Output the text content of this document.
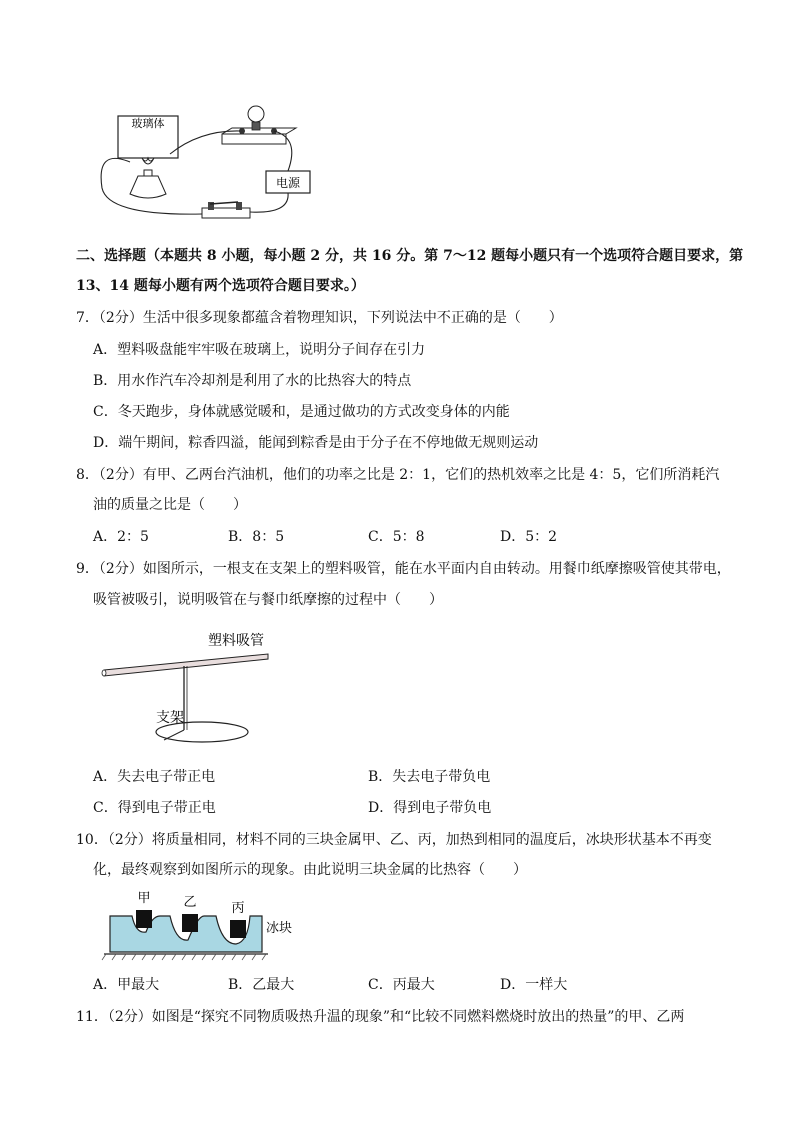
玻璃体
电源
二、选择题（本题共 8 小题，每小题 2 分，共 16 分。第 7～12 题每小题只有一个选项符合题目要求，第
13、14 题每小题有两个选项符合题目要求。）
7．（2分）生活中很多现象都蕴含着物理知识，下列说法中不正确的是（　　）
A．塑料吸盘能牢牢吸在玻璃上，说明分子间存在引力
B．用水作汽车冷却剂是利用了水的比热容大的特点
C．冬天跑步，身体就感觉暖和，是通过做功的方式改变身体的内能
D．端午期间，粽香四溢，能闻到粽香是由于分子在不停地做无规则运动
8．（2分）有甲、乙两台汽油机，他们的功率之比是 2：1，它们的热机效率之比是 4：5，它们所消耗汽
油的质量之比是（　　）
A．2：5	B．8：5	C．5：8	D．5：2
9．（2分）如图所示，一根支在支架上的塑料吸管，能在水平面内自由转动。用餐巾纸摩擦吸管使其带电，
吸管被吸引，说明吸管在与餐巾纸摩擦的过程中（　　）
塑料吸管
支架
A．失去电子带正电	B．失去电子带负电
C．得到电子带正电	D．得到电子带负电
10．（2分）将质量相同，材料不同的三块金属甲、乙、丙，加热到相同的温度后，冰块形状基本不再变
化，最终观察到如图所示的现象。由此说明三块金属的比热容（　　）
甲	乙	丙
冰块
A．甲最大	B．乙最大	C．丙最大	D．一样大
11．（2分）如图是“探究不同物质吸热升温的现象”和“比较不同燃料燃烧时放出的热量”的甲、乙两
